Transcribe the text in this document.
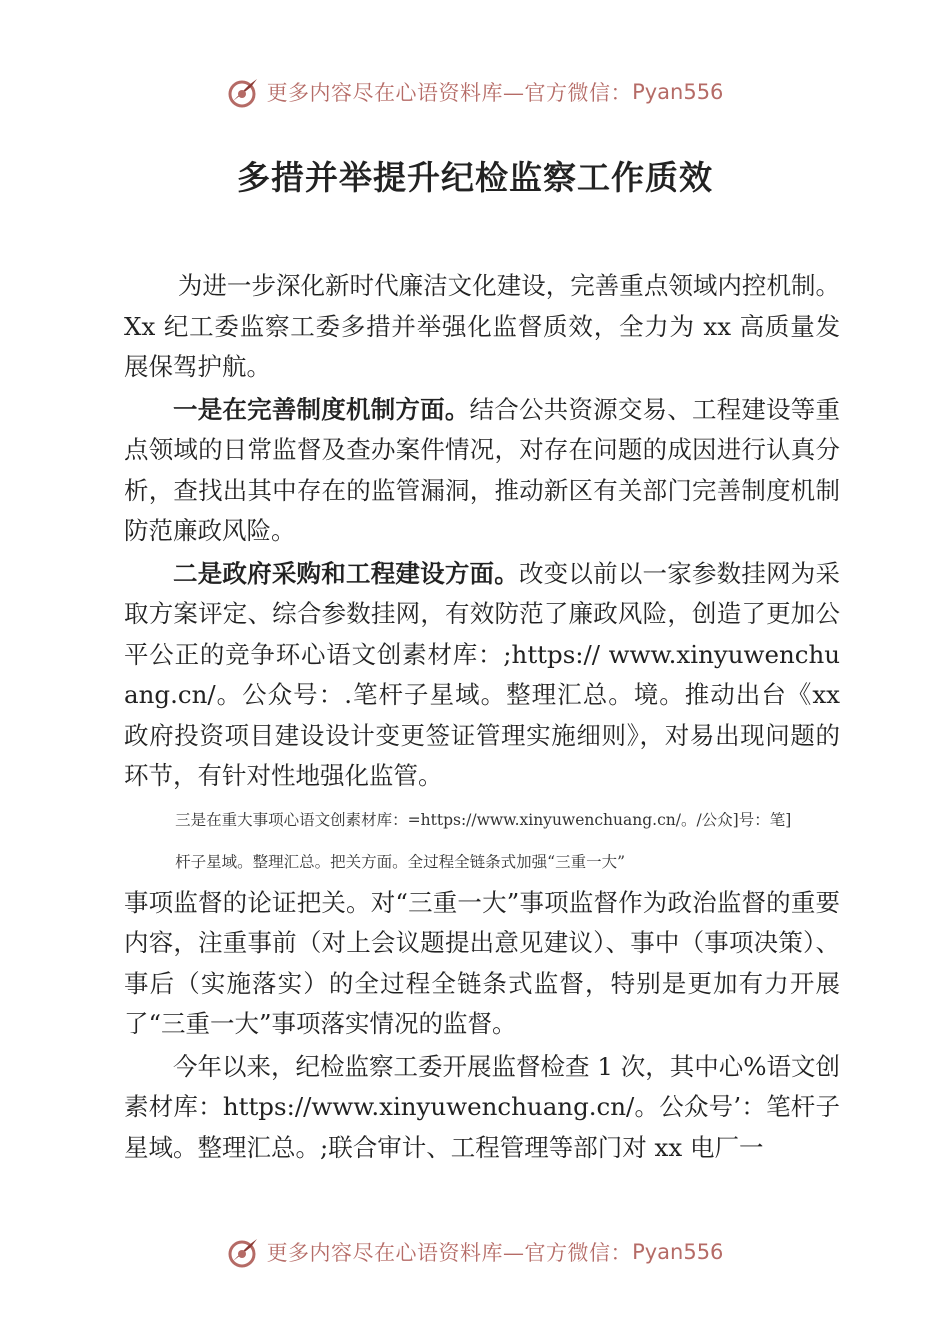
更多内容尽在心语资料库—官方微信： Pyan556
多措并举提升纪检监察工作质效

为进一步深化新时代廉洁文化建设，完善重点领域内控机制。Xx 纪工委监察工委多措并举强化监督质效，全力为 xx 高质量发展保驾护航。

一是在完善制度机制方面。结合公共资源交易、工程建设等重点领域的日常监督及查办案件情况，对存在问题的成因进行认真分析，查找出其中存在的监管漏洞，推动新区有关部门完善制度机制防范廉政风险。

二是政府采购和工程建设方面。改变以前以一家参数挂网为采取方案评定、综合参数挂网，有效防范了廉政风险，创造了更加公平公正的竞争环心语文创素材库：;https:// www.xinyuwenchuang.cn/。公众号：.笔杆子星域。整理汇总。境。推动出台《xx 政府投资项目建设设计变更签证管理实施细则》，对易出现问题的环节，有针对性地强化监管。

三是在重大事项心语文创素材库：=https://www.xinyuwenchuang.cn/。/公众]号：笔]

杆子星域。整理汇总。把关方面。全过程全链条式加强“三重一大”

事项监督的论证把关。对“三重一大”事项监督作为政治监督的重要内容，注重事前（对上会议题提出意见建议）、事中（事项决策）、事后（实施落实）的全过程全链条式监督，特别是更加有力开展了“三重一大”事项落实情况的监督。

今年以来，纪检监察工委开展监督检查 1 次，其中心%语文创素材库：https://www.xinyuwenchuang.cn/。公众号’：笔杆子星域。整理汇总。;联合审计、工程管理等部门对 xx 电厂一

更多内容尽在心语资料库—官方微信： Pyan556
